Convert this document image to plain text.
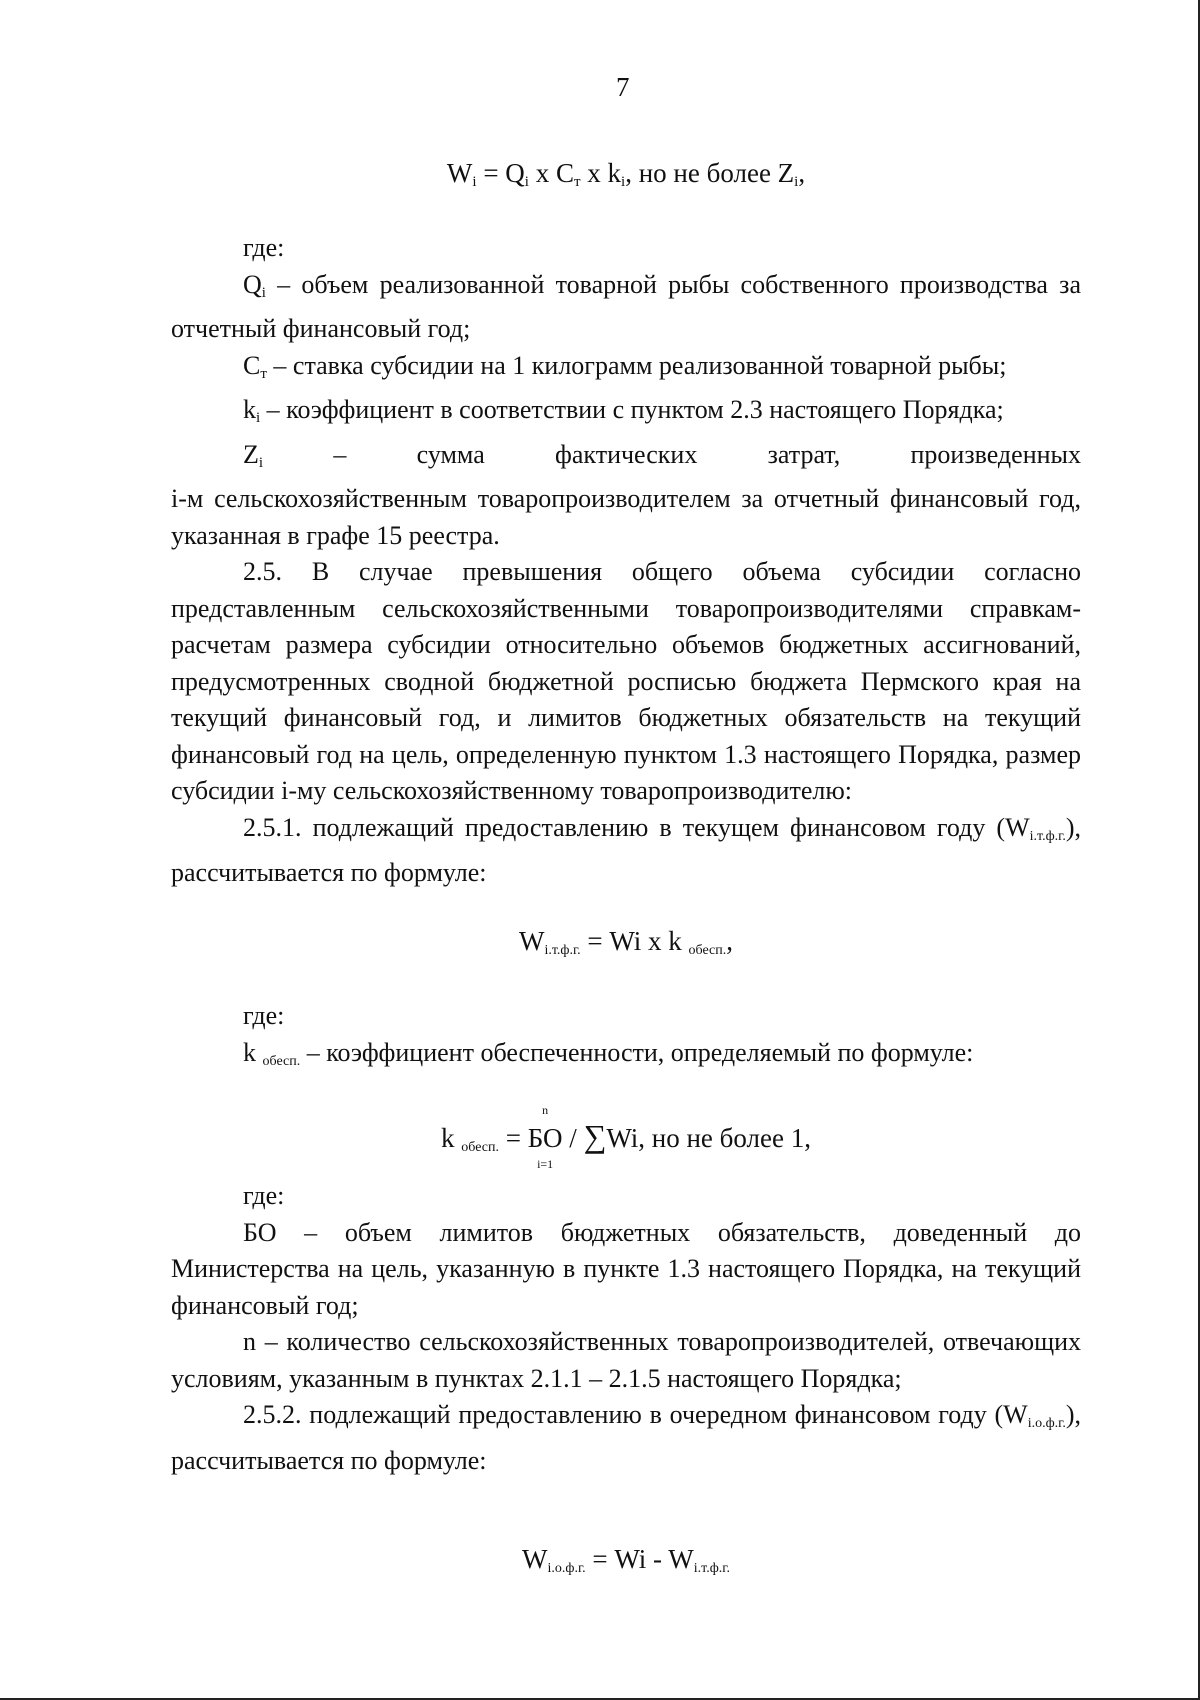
7
$W_i = Q_i$ x $C_т$ x $k_i$, но не более $Z_i$,
где:
$Q_i$ – объем реализованной товарной рыбы собственного производства за отчетный финансовый год;
$С_т$ – ставка субсидии на 1 килограмм реализованной товарной рыбы;
$k_i$ – коэффициент в соответствии с пунктом 2.3 настоящего Порядка;
$Z_i$	–	сумма	фактических	затрат,	произведенных
i-м сельскохозяйственным товаропроизводителем за отчетный финансовый год, указанная в графе 15 реестра.
2.5. В случае превышения общего объема субсидии согласно представленным сельскохозяйственными товаропроизводителями справкам-расчетам размера субсидии относительно объемов бюджетных ассигнований, предусмотренных сводной бюджетной росписью бюджета Пермского края на текущий финансовый год, и лимитов бюджетных обязательств на текущий финансовый год на цель, определенную пунктом 1.3 настоящего Порядка, размер субсидии i-му сельскохозяйственному товаропроизводителю:
2.5.1. подлежащий предоставлению в текущем финансовом году $(W_{i.т.ф.г.})$, рассчитывается по формуле:
$W_{i.т.ф.г.} = Wi$ x k $_{обесп.}$,
где:
k $_{обесп.}$ – коэффициент обеспеченности, определяемый по формуле:
k $_{обесп.}$ =
n
БО
i=1
/ ∑Wi, но не более 1,
где:
БО – объем лимитов бюджетных обязательств, доведенный до Министерства на цель, указанную в пункте 1.3 настоящего Порядка, на текущий финансовый год;
n – количество сельскохозяйственных товаропроизводителей, отвечающих условиям, указанным в пунктах 2.1.1 – 2.1.5 настоящего Порядка;
2.5.2. подлежащий предоставлению в очередном финансовом году $(W_{i.о.ф.г.})$, рассчитывается по формуле:
$W_{i.о.ф.г.} = Wi - W_{i.т.ф.г.}$
